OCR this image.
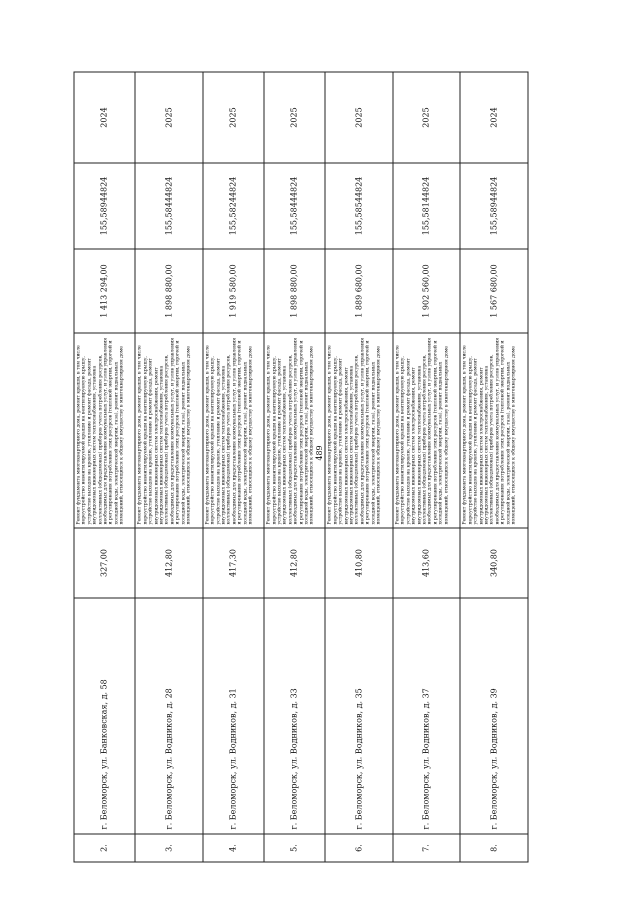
489
2.	г. Беломорск, ул. Банковская, д. 58	327,00	Ремонт фундамента многоквартирного дома, ремонт крыши, в том числе переустройство невентилируемой крыши на вентилируемую крышу, устройство выходов на кровлю, утепление и ремонт фасада, ремонт внутридомовых инженерных систем теплоснабжения, установка коллективных (общедомовых) приборов учета потребления ресурсов, необходимых для предоставления коммунальных услуг, и узлов управления и регулирования потребления этих ресурсов (тепловой энергии, горячей и холодной воды, электрической энергии, газа), ремонт подвальных помещений, относящихся к общему имуществу в многоквартирном доме	1 413 294,00	155,58944824	2024
3.	г. Беломорск, ул. Водников, д. 28	412,80	Ремонт фундамента многоквартирного дома, ремонт крыши, в том числе переустройство невентилируемой крыши на вентилируемую крышу, устройство выходов на кровлю, утепление и ремонт фасада, ремонт внутридомовых инженерных систем электроснабжения, ремонт внутридомовых инженерных систем теплоснабжения, установка коллективных (общедомовых) приборов учета потребления ресурсов, необходимых для предоставления коммунальных услуг, и узлов управления и регулирования потребления этих ресурсов (тепловой энергии, горячей и холодной воды, электрической энергии, газа), ремонт подвальных помещений, относящихся к общему имуществу в многоквартирном доме	1 898 880,00	155,58444824	2025
4.	г. Беломорск, ул. Водников, д. 31	417,30	Ремонт фундамента многоквартирного дома, ремонт крыши, в том числе переустройство невентилируемой крыши на вентилируемую крышу, устройство выходов на кровлю, утепление и ремонт фасада, ремонт внутридомовых инженерных систем теплоснабжения, установка коллективных (общедомовых) приборов учета потребления ресурсов, необходимых для предоставления коммунальных услуг, и узлов управления и регулирования потребления этих ресурсов (тепловой энергии, горячей и холодной воды, электрической энергии, газа), ремонт подвальных помещений, относящихся к общему имуществу в многоквартирном доме	1 919 580,00	155,58244824	2025
5.	г. Беломорск, ул. Водников, д. 33	412,80	Ремонт фундамента многоквартирного дома, ремонт крыши, в том числе переустройство невентилируемой крыши на вентилируемую крышу, устройство выходов на кровлю, утепление и ремонт фасада, ремонт внутридомовых инженерных систем теплоснабжения, установка коллективных (общедомовых) приборов учета потребления ресурсов, необходимых для предоставления коммунальных услуг, и узлов управления и регулирования потребления этих ресурсов (тепловой энергии, горячей и холодной воды, электрической энергии, газа), ремонт подвальных помещений, относящихся к общему имуществу в многоквартирном доме	1 898 880,00	155,58444824	2025
6.	г. Беломорск, ул. Водников, д. 35	410,80	Ремонт фундамента многоквартирного дома, ремонт крыши, в том числе переустройство невентилируемой крыши на вентилируемую крышу, устройство выходов на кровлю, утепление и ремонт фасада, ремонт внутридомовых инженерных систем электроснабжения, ремонт внутридомовых инженерных систем теплоснабжения, установка коллективных (общедомовых) приборов учета потребления ресурсов, необходимых для предоставления коммунальных услуг, и узлов управления и регулирования потребления этих ресурсов (тепловой энергии, горячей и холодной воды, электрической энергии, газа), ремонт подвальных помещений, относящихся к общему имуществу в многоквартирном доме	1 889 680,00	155,58544824	2025
7.	г. Беломорск, ул. Водников, д. 37	413,60	Ремонт фундамента многоквартирного дома, ремонт крыши, в том числе переустройство невентилируемой крыши на вентилируемую крышу, устройство выходов на кровлю, утепление и ремонт фасада, ремонт внутридомовых инженерных систем электроснабжения, ремонт внутридомовых инженерных систем теплоснабжения, установка коллективных (общедомовых) приборов учета потребления ресурсов, необходимых для предоставления коммунальных услуг, и узлов управления и регулирования потребления этих ресурсов (тепловой энергии, горячей и холодной воды, электрической энергии, газа), ремонт подвальных помещений, относящихся к общему имуществу в многоквартирном доме	1 902 560,00	155,58144824	2025
8.	г. Беломорск, ул. Водников, д. 39	340,80	Ремонт фундамента многоквартирного дома, ремонт крыши, в том числе переустройство невентилируемой крыши на вентилируемую крышу, устройство выходов на кровлю, утепление и ремонт фасада, ремонт внутридомовых инженерных систем электроснабжения, ремонт внутридомовых инженерных систем теплоснабжения, установка коллективных (общедомовых) приборов учета потребления ресурсов, необходимых для предоставления коммунальных услуг, и узлов управления и регулирования потребления этих ресурсов (тепловой энергии, горячей и холодной воды, электрической энергии, газа), ремонт подвальных помещений, относящихся к общему имуществу в многоквартирном доме	1 567 680,00	155,58944824	2024
